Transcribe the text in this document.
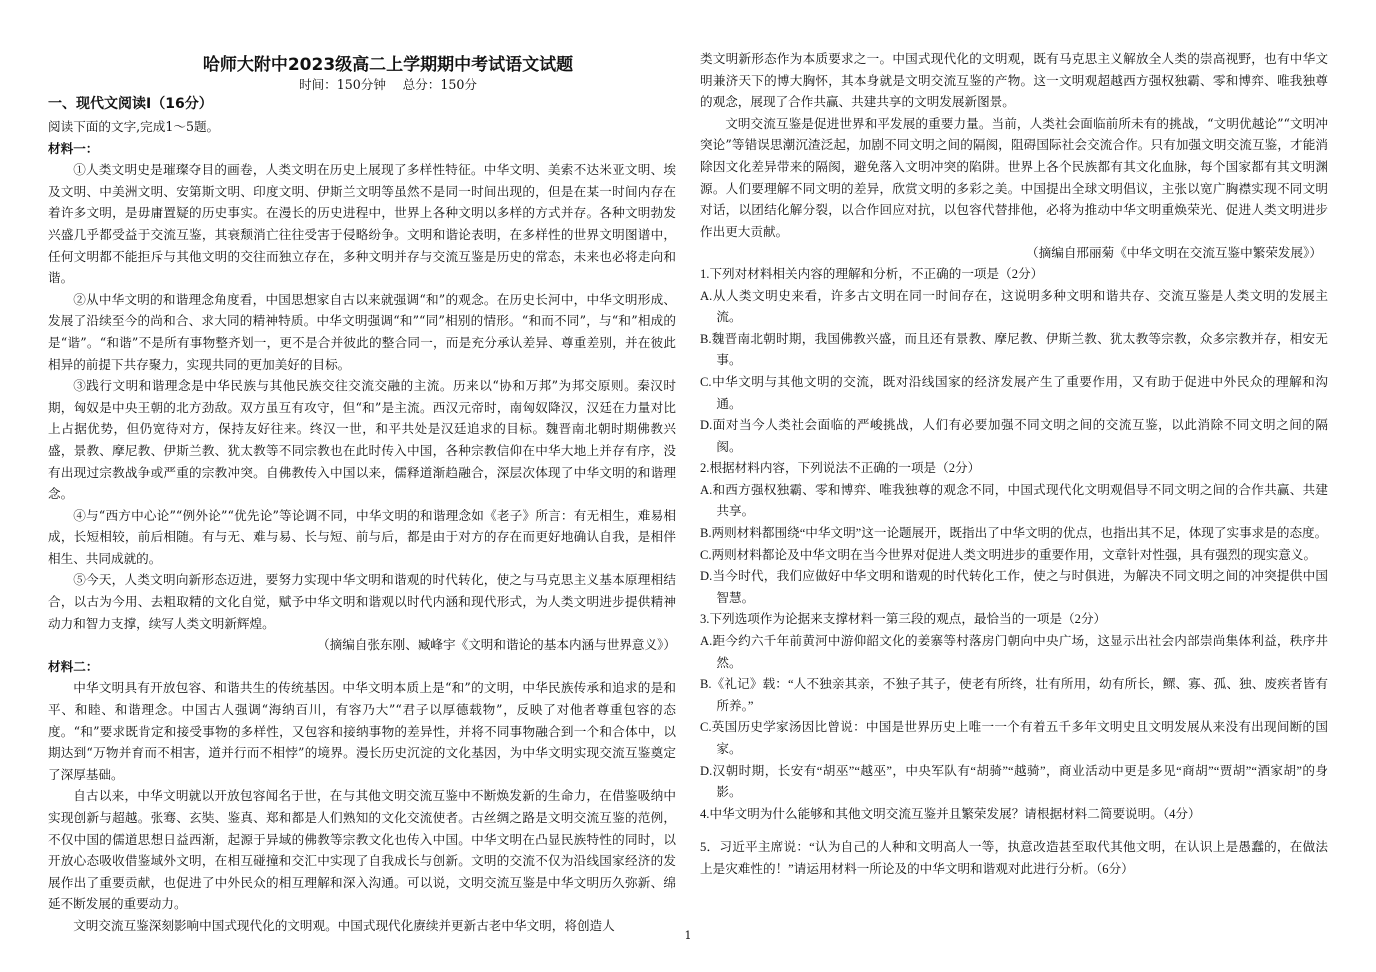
哈师大附中2023级高二上学期期中考试语文试题
时间：150分钟　 总分：150分

一、现代文阅读Ⅰ（16分）

阅读下面的文字,完成1～5题。

材料一：

①人类文明史是璀璨夺目的画卷，人类文明在历史上展现了多样性特征。中华文明、美索不达米亚文明、埃及文明、中美洲文明、安第斯文明、印度文明、伊斯兰文明等虽然不是同一时间出现的，但是在某一时间内存在着许多文明，是毋庸置疑的历史事实。在漫长的历史进程中，世界上各种文明以多样的方式并存。各种文明勃发兴盛几乎都受益于交流互鉴，其衰颓消亡往往受害于侵略纷争。文明和谐论表明，在多样性的世界文明图谱中，任何文明都不能拒斥与其他文明的交往而独立存在，多种文明并存与交流互鉴是历史的常态，未来也必将走向和谐。

②从中华文明的和谐理念角度看，中国思想家自古以来就强调“和”的观念。在历史长河中，中华文明形成、发展了沿续至今的尚和合、求大同的精神特质。中华文明强调“和”“同”相别的情形。“和而不同”，与“和”相成的是“谐”。“和谐”不是所有事物整齐划一，更不是合并彼此的整合同一，而是充分承认差异、尊重差别，并在彼此相异的前提下共存聚力，实现共同的更加美好的目标。

③践行文明和谐理念是中华民族与其他民族交往交流交融的主流。历来以“协和万邦”为邦交原则。秦汉时期，匈奴是中央王朝的北方劲敌。双方虽互有攻守，但“和”是主流。西汉元帝时，南匈奴降汉，汉廷在力量对比上占据优势，但仍宽待对方，保持友好往来。终汉一世，和平共处是汉廷追求的目标。魏晋南北朝时期佛教兴盛，景教、摩尼教、伊斯兰教、犹太教等不同宗教也在此时传入中国，各种宗教信仰在中华大地上并存有序，没有出现过宗教战争或严重的宗教冲突。自佛教传入中国以来，儒释道渐趋融合，深层次体现了中华文明的和谐理念。

④与“西方中心论”“例外论”“优先论”等论调不同，中华文明的和谐理念如《老子》所言：有无相生，难易相成，长短相较，前后相随。有与无、难与易、长与短、前与后，都是由于对方的存在而更好地确认自我，是相伴相生、共同成就的。

⑤今天，人类文明向新形态迈进，要努力实现中华文明和谐观的时代转化，使之与马克思主义基本原理相结合，以古为今用、去粗取精的文化自觉，赋予中华文明和谐观以时代内涵和现代形式，为人类文明进步提供精神动力和智力支撑，续写人类文明新辉煌。

（摘编自张东刚、臧峰宇《文明和谐论的基本内涵与世界意义》）

材料二：

中华文明具有开放包容、和谐共生的传统基因。中华文明本质上是“和”的文明，中华民族传承和追求的是和平、和睦、和谐理念。中国古人强调“海纳百川，有容乃大”“君子以厚德载物”，反映了对他者尊重包容的态度。“和”要求既肯定和接受事物的多样性，又包容和接纳事物的差异性，并将不同事物融合到一个和合体中，以期达到“万物并育而不相害，道并行而不相悖”的境界。漫长历史沉淀的文化基因，为中华文明实现交流互鉴奠定了深厚基础。

自古以来，中华文明就以开放包容闻名于世，在与其他文明交流互鉴中不断焕发新的生命力，在借鉴吸纳中实现创新与超越。张骞、玄奘、鉴真、郑和都是人们熟知的文化交流使者。古丝绸之路是文明交流互鉴的范例，不仅中国的儒道思想日益西渐，起源于异域的佛教等宗教文化也传入中国。中华文明在凸显民族特性的同时，以开放心态吸收借鉴域外文明，在相互碰撞和交汇中实现了自我成长与创新。文明的交流不仅为沿线国家经济的发展作出了重要贡献，也促进了中外民众的相互理解和深入沟通。可以说，文明交流互鉴是中华文明历久弥新、绵延不断发展的重要动力。

文明交流互鉴深刻影响中国式现代化的文明观。中国式现代化赓续并更新古老中华文明，将创造人

类文明新形态作为本质要求之一。中国式现代化的文明观，既有马克思主义解放全人类的崇高视野，也有中华文明兼济天下的博大胸怀，其本身就是文明交流互鉴的产物。这一文明观超越西方强权独霸、零和博弈、唯我独尊的观念，展现了合作共赢、共建共享的文明发展新图景。

文明交流互鉴是促进世界和平发展的重要力量。当前，人类社会面临前所未有的挑战，“文明优越论”“文明冲突论”等错误思潮沉渣泛起，加剧不同文明之间的隔阂，阻碍国际社会交流合作。只有加强文明交流互鉴，才能消除因文化差异带来的隔阂，避免落入文明冲突的陷阱。世界上各个民族都有其文化血脉，每个国家都有其文明渊源。人们要理解不同文明的差异，欣赏文明的多彩之美。中国提出全球文明倡议，主张以宽广胸襟实现不同文明对话，以团结化解分裂，以合作回应对抗，以包容代替排他，必将为推动中华文明重焕荣光、促进人类文明进步作出更大贡献。

（摘编自邢丽菊《中华文明在交流互鉴中繁荣发展》）

1.下列对材料相关内容的理解和分析，不正确的一项是（2分）

A.从人类文明史来看，许多古文明在同一时间存在，这说明多种文明和谐共存、交流互鉴是人类文明的发展主流。

B.魏晋南北朝时期，我国佛教兴盛，而且还有景教、摩尼教、伊斯兰教、犹太教等宗教，众多宗教并存，相安无事。

C.中华文明与其他文明的交流，既对沿线国家的经济发展产生了重要作用，又有助于促进中外民众的理解和沟通。

D.面对当今人类社会面临的严峻挑战，人们有必要加强不同文明之间的交流互鉴，以此消除不同文明之间的隔阂。

2.根据材料内容，下列说法不正确的一项是（2分）

A.和西方强权独霸、零和博弈、唯我独尊的观念不同，中国式现代化文明观倡导不同文明之间的合作共赢、共建共享。

B.两则材料都围绕“中华文明”这一论题展开，既指出了中华文明的优点，也指出其不足，体现了实事求是的态度。

C.两则材料都论及中华文明在当今世界对促进人类文明进步的重要作用，文章针对性强，具有强烈的现实意义。

D.当今时代，我们应做好中华文明和谐观的时代转化工作，使之与时俱进，为解决不同文明之间的冲突提供中国智慧。

3.下列选项作为论据来支撑材料一第三段的观点，最恰当的一项是（2分）

A.距今约六千年前黄河中游仰韶文化的姜寨等村落房门朝向中央广场，这显示出社会内部崇尚集体利益，秩序井然。

B.《礼记》载：“人不独亲其亲，不独子其子，使老有所终，壮有所用，幼有所长，鳏、寡、孤、独、废疾者皆有所养。”

C.英国历史学家汤因比曾说：中国是世界历史上唯一一个有着五千多年文明史且文明发展从来没有出现间断的国家。

D.汉朝时期，长安有“胡巫”“越巫”，中央军队有“胡骑”“越骑”，商业活动中更是多见“商胡”“贾胡”“酒家胡”的身影。

4.中华文明为什么能够和其他文明交流互鉴并且繁荣发展？请根据材料二简要说明。（4分）

5．习近平主席说：“认为自己的人种和文明高人一等，执意改造甚至取代其他文明，在认识上是愚蠢的，在做法上是灾难性的！”请运用材料一所论及的中华文明和谐观对此进行分析。（6分）

1
